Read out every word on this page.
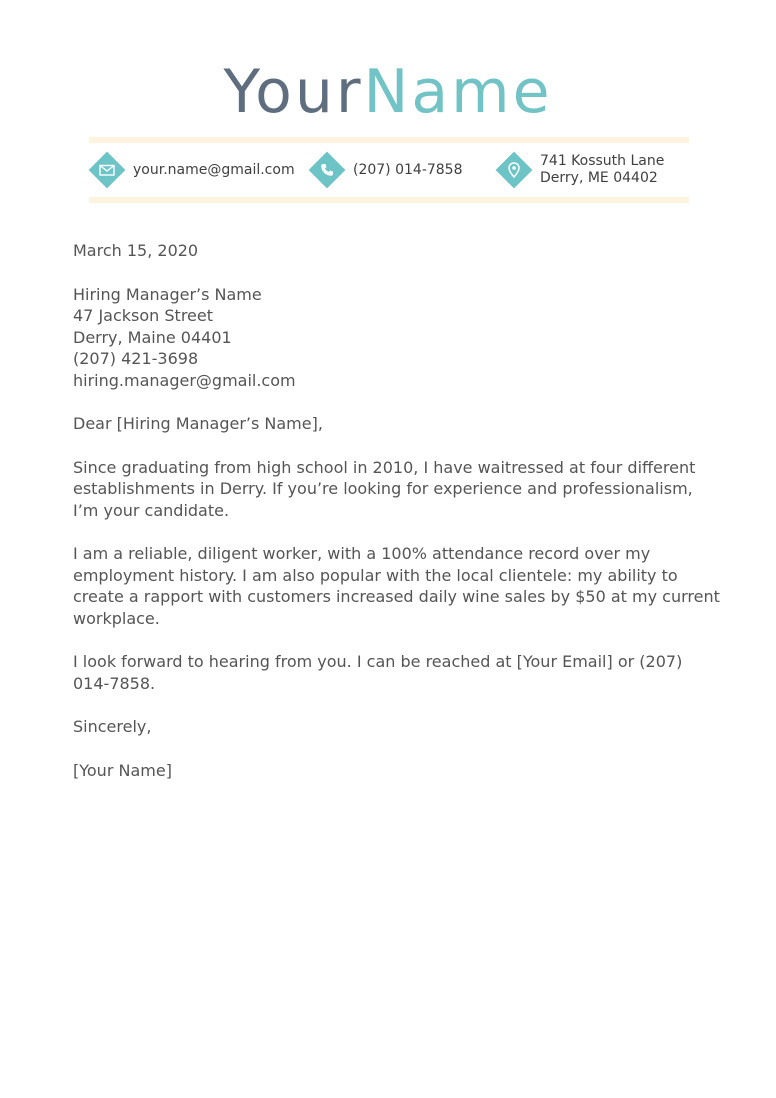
YourName
your.name@gmail.com	(207) 014-7858
741 Kossuth Lane
Derry, ME 04402

March 15, 2020

Hiring Manager’s Name
47 Jackson Street
Derry, Maine 04401
(207) 421-3698
hiring.manager@gmail.com

Dear [Hiring Manager’s Name],

Since graduating from high school in 2010, I have waitressed at four different establishments in Derry. If you’re looking for experience and professionalism, I’m your candidate.

I am a reliable, diligent worker, with a 100% attendance record over my employment history. I am also popular with the local clientele: my ability to create a rapport with customers increased daily wine sales by $50 at my current workplace.

I look forward to hearing from you. I can be reached at [Your Email] or (207) 014-7858.

Sincerely,

[Your Name]
